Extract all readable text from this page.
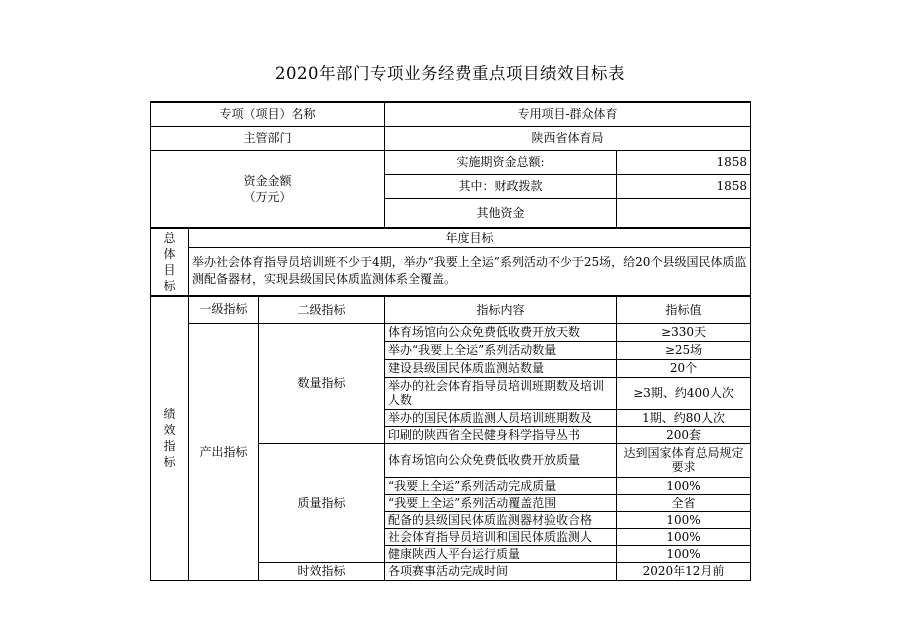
2020年部门专项业务经费重点项目绩效目标表
专项（项目）名称			专用项目-群众体育	
主管部门			陕西省体育局	

资金金额
（万元）			实施期资金总额:	1858
			其中：财政拨款	1858
			其他资金	

总
体
目
标	年度目标			
	举办社会体育指导员培训班不少于4期，举办“我要上全运”系列活动不少于25场，给20个县级国民体质监测配备器材，实现县级国民体质监测体系全覆盖。			

绩
效
指
标	一级指标	二级指标	指标内容	指标值
	产出指标	数量指标	体育场馆向公众免费低收费开放天数	≥330天
			举办“我要上全运”系列活动数量	≥25场
			建设县级国民体质监测站数量	20个
			举办的社会体育指导员培训班期数及培训人数	≥3期、约400人次
			举办的国民体质监测人员培训班期数及	1期、约80人次
			印刷的陕西省全民健身科学指导丛书	200套
		质量指标	体育场馆向公众免费低收费开放质量	达到国家体育总局规定要求
			“我要上全运”系列活动完成质量	100%
			“我要上全运”系列活动覆盖范围	全省
			配备的县级国民体质监测器材验收合格	100%
			社会体育指导员培训和国民体质监测人	100%
			健康陕西人平台运行质量	100%
		时效指标	各项赛事活动完成时间	2020年12月前
